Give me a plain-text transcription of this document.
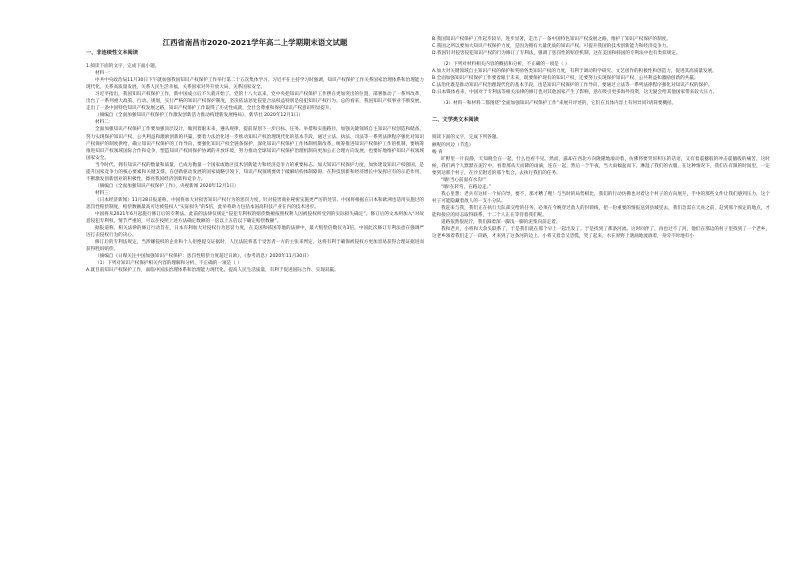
江西省南昌市2020-2021学年高二上学期期末语文试题
一、非连续性文本阅读

1.阅读下面的文字，完成下面小题。

材料一：

中共中央政治局11月30日下午就加强我国知识产权保护工作举行第二十五次集体学习。习近平在主持学习时强调，知识产权保护工作关系国家治理体系和治理能力现代化，关系高质量发展，关系人民生活幸福，关系国家对外开放大局，关系国家安全。

习近平指出，我国知识产权保护工作，新中国成立后不久就开始了。党的十八大以来，党中央把知识产权保护工作摆在更加突出的位置，部署推动了一系列改革，出台了一系列重大政策、行动、规划，实行严格的知识产权保护制度，坚决依法惩处侵犯合法权益特别是侵犯知识产权行为。总的看来，我国知识产权事业不断发展，走出了一条中国特色知识产权发展之路，知识产权保护工作取得了历史性成就，全社会尊重和保护知识产权意识明显提升。

（摘编自《全面加强知识产权保护工作激发创新活力推动构建新发展格局》，新华社 2020年12月1日）

材料二：

全面加强知识产权保护工作要加强顶层设计，做到着眼未来，遵从规律，提前谋划下一步目标、任务、举措和实施路径，加强关键领域自主知识产权创造和储备，努力实现保护知识产权、公共利益和激励创新的共赢，要着力法治化进一步推动知识产权治理现代化的基本手段，通过立法、执法、司法等一系列法律程序强化对知识产权保护的制度供给，确立知识产权保护的工作导向，要强化知识产权全链条保护，深化知识产权保护工作体制机制改革，统筹推进知识产权保护工作的机制，要统筹推进知识产权领域国际合作和竞争，塑造知识产权同保护协调的开放环境，努力推动全球知识产权保护治理机制向更加公正合理方向发展，也要好地维护知识产权领域国家安全。

当今时代，拥有知识产权的数量和质量，已成为衡量一个国家或地区技术创新能力和经济竞争力的重要标志。加大知识产权保护力度，加快建设知识产权强国，是提升国家竞争力的核心要素和关键支撑。在创新驱动发展的国家战略引领下，知识产权领域要勇于破解结构体制障碍，在科技创新和经济增长中发挥应有的示范作用，不断激发创新创业的积极性，擦亮我国经济创新和竞争力。

（摘编自《全面加强知识产权保护工作》，央视新闻 2020年12月1日）

材料三：

《日本经济新闻》11月28日报道称，中国将加大对损害知识产权行为的惩罚力度，针对侵害商业秘密实施更严厉的处罚。中国将根据在日本和欧洲也适用实施过的惩罚性赔偿制度，赔偿数额最高可达被侵权人“实际损失”的5倍，此举将助力包括本国高科技产业在内的技术进步。

中国将从2021年6月起施行修订后的专利法。此前的法律仅规定“侵犯专利权的赔偿数额按照权利人因被侵权所受到的实际损失确定”。修订后的文本则加入“对故意侵犯专利权，情节严重的，可以在按照上述方法确定数额的一倍以上五倍以下确定赔偿数额”。

据报道称，相关法律的修订行动旨在，日本有利加大对侵权行为惩罚力度，在美国和韩国等地的法律中，最大赔偿倍数仅为3倍，中国此次修订专利法意在强调严厉打击侵权行为的决心。

修订后的专利法规定，当涉嫌侵权的企业和个人拒绝提交证据时，人民法院将基于受害者一方的主张来判定。这将有利于确保被侵权方更加容易获得合理证据进而获得胜诉赔偿。

（摘编自《日媒关注中国加强知识产权保护：惩罚性赔偿力度超过日欧》，《参考消息》2020年11月30日）

（1）下列对知识产权保护相关内容的理解和分析，不正确的一项是（ ）

A.就目前知识产权保护工作，面临中国法治理体系和治理能力现代化，提高人民生活质量，有利于促进国际合作、实现双赢。

B.我国知识产权保护工作起步较早，进步显著，走出了一条中国特色知识产权发展之路，维护了知识产权保护的制度。

C.我国之所以要加大知识产权保护力度，是因为拥有大量优质的知识产权，可提升我国的技术创新能力和经济竞争力。

D.我国针对侵害侵犯知识产权的行为修订了专利法，强调了惩罚性的赔偿机制，这在美国和韩国的专利法中也有类似规定。

（2）下列对材料相关内容的概括和分析，不正确的一项是（ ）

A.加大对关键领域自主知识产权的保护和奖励各类知识产权的力度，有利于调动科学研究、文艺创作的积极性和创造力，促进其高质量发展。

B.全面加强知识产权保护工作要着眼于未来，既要保护现有的知识产权，还要努力实现保护知识产权、公共利益和激励创新的共赢。

C.法治化既是推动知识产权治理现代化的基本手段，也是知识产权保护的工作导向，要通过立法等一系列法律程序强化对知识产权的保护。

D.日本媒体看来，中国对于专利法等相关法律的修订也对其他国家产生了影响，意在吸引更多海外投资，这无疑会给其他国家带来较大压力。

（3）材料一和材料二都围绕“全面加强知识产权保护工作”来展开评述的，它们在具体内容上有何异同?请简要概括。

二、文学类文本阅读

阅读下面的文字，完成下列各题。

额呢的河边（节选）

峻 青

旷野里一片寂静，天知晓会在一起，什么也看不见。然而，露却在西北方向隆隆地滚动着，仿佛将要哭诉积压的话语，又有着震撼般的冲击震撼般的痛苦。这时候，我们两个人默默在泥泞中，看着那从天而降的雨滴，连在一起，然后一个半夜，当大雨倾盆而下，淋湿了我们的衣服，在这种情况下，我们在有限的时间里，一定要到达那个村子，在沙丘附近的那个集合，去执行我们的任务。

“嗨!当心前面有水沟!”

“嗨!在转弯，在路边走。”

我心里想：老兵有这样一个好向导，要不，那才糟了哩！与当时的局势相比，我们的行动仿佛也对着这个村子的方向展开，手中的那些文件让我们感到压力，这个村子可能隐藏着敌人的一支小分队。

我赶来与我，我们正在执行大队部交给的任务，必须在今晚穿过敌人的封锁线，把一份重要的情报送到县城里去，我们急需在天亮之前，赶到那个预定的地点，才能和接应的同志取得联系，十二个人正在等待着我们呢。

道路依然很泥泞，我们踩着深一脚浅一脚的泥浆向前走着。

我和老兵，小将和大余头联系了，于是我们就在那个早上一起出发了。于是找到了那条河流。这时同伴了，再也过不了河，他们在那边的村子里找到了一个老乡，这老乡领着我们走了一段路，才来到了这条河的边上。小将又着急又恐慌，哭了起来，水在原野上汹涌地流淌着，身旁不时地有小
